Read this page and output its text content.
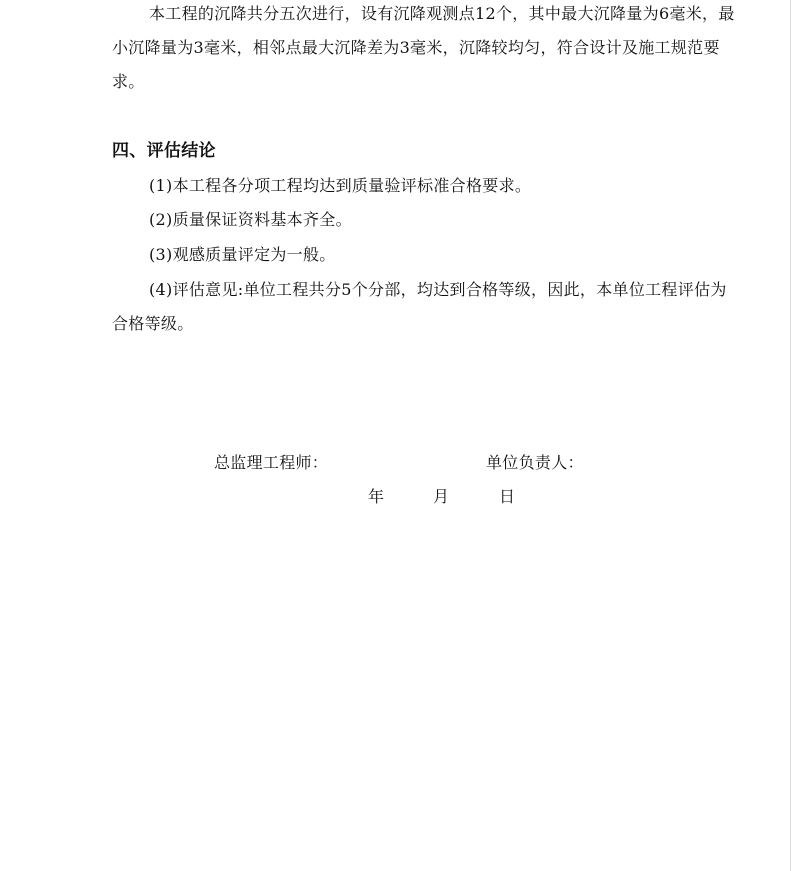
本工程的沉降共分五次进行，设有沉降观测点12个，其中最大沉降量为6毫米，最小沉降量为3毫米，相邻点最大沉降差为3毫米，沉降较均匀，符合设计及施工规范要求。

四、评估结论

(1)本工程各分项工程均达到质量验评标准合格要求。

(2)质量保证资料基本齐全。

(3)观感质量评定为一般。

(4)评估意见:单位工程共分5个分部，均达到合格等级，因此，本单位工程评估为合格等级。

总监理工程师：	单位负责人：
年	月	日
